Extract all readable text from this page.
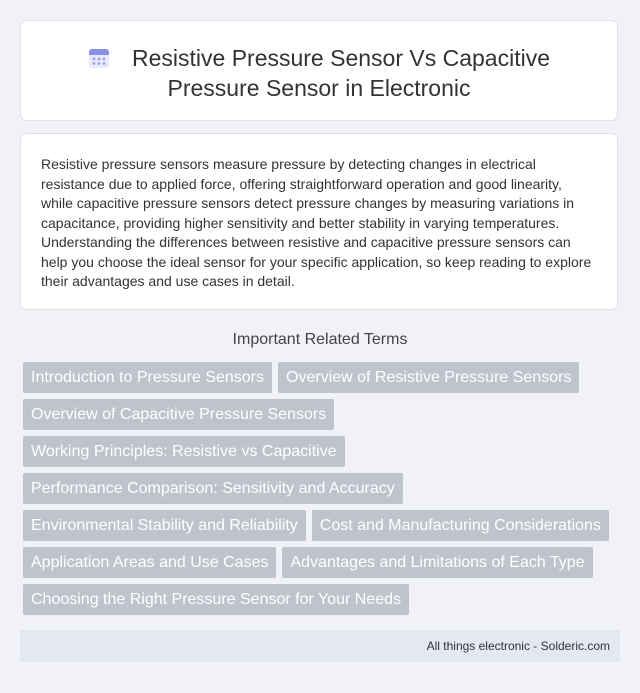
Resistive Pressure Sensor Vs Capacitive
Pressure Sensor in Electronic
Resistive pressure sensors measure pressure by detecting changes in electrical resistance due to applied force, offering straightforward operation and good linearity, while capacitive pressure sensors detect pressure changes by measuring variations in capacitance, providing higher sensitivity and better stability in varying temperatures. Understanding the differences between resistive and capacitive pressure sensors can help you choose the ideal sensor for your specific application, so keep reading to explore their advantages and use cases in detail.
Important Related Terms
Introduction to Pressure Sensors	Overview of Resistive Pressure Sensors
Overview of Capacitive Pressure Sensors
Working Principles: Resistive vs Capacitive
Performance Comparison: Sensitivity and Accuracy
Environmental Stability and Reliability	Cost and Manufacturing Considerations
Application Areas and Use Cases	Advantages and Limitations of Each Type
Choosing the Right Pressure Sensor for Your Needs
All things electronic - Solderic.com
